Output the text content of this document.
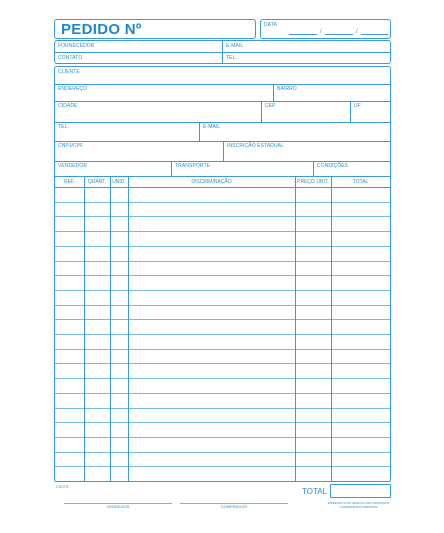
PEDIDO Nº	DATA
/	/
FORNECEDOR	E-MAIL
CONTATO	TEL.
CLIENTE
ENDEREÇO	BAIRRO
CIDADE	CEP	UF
TEL.	E-MAIL
CNPJ/CPF	INSCRIÇÃO ESTADUAL
VENDEDOR	TRANSPORTE	CONDIÇÕES
REF.	QUANT.	UNID.	DISCRIMINAÇÃO	PREÇO UNIT.	TOTAL
TOTAL
C0073
VENDEDOR	COMPRADOR
IMPRESSO POR GRÁFICA SÃO DOMINGOS
CONFERIR DOCUMENTOS
